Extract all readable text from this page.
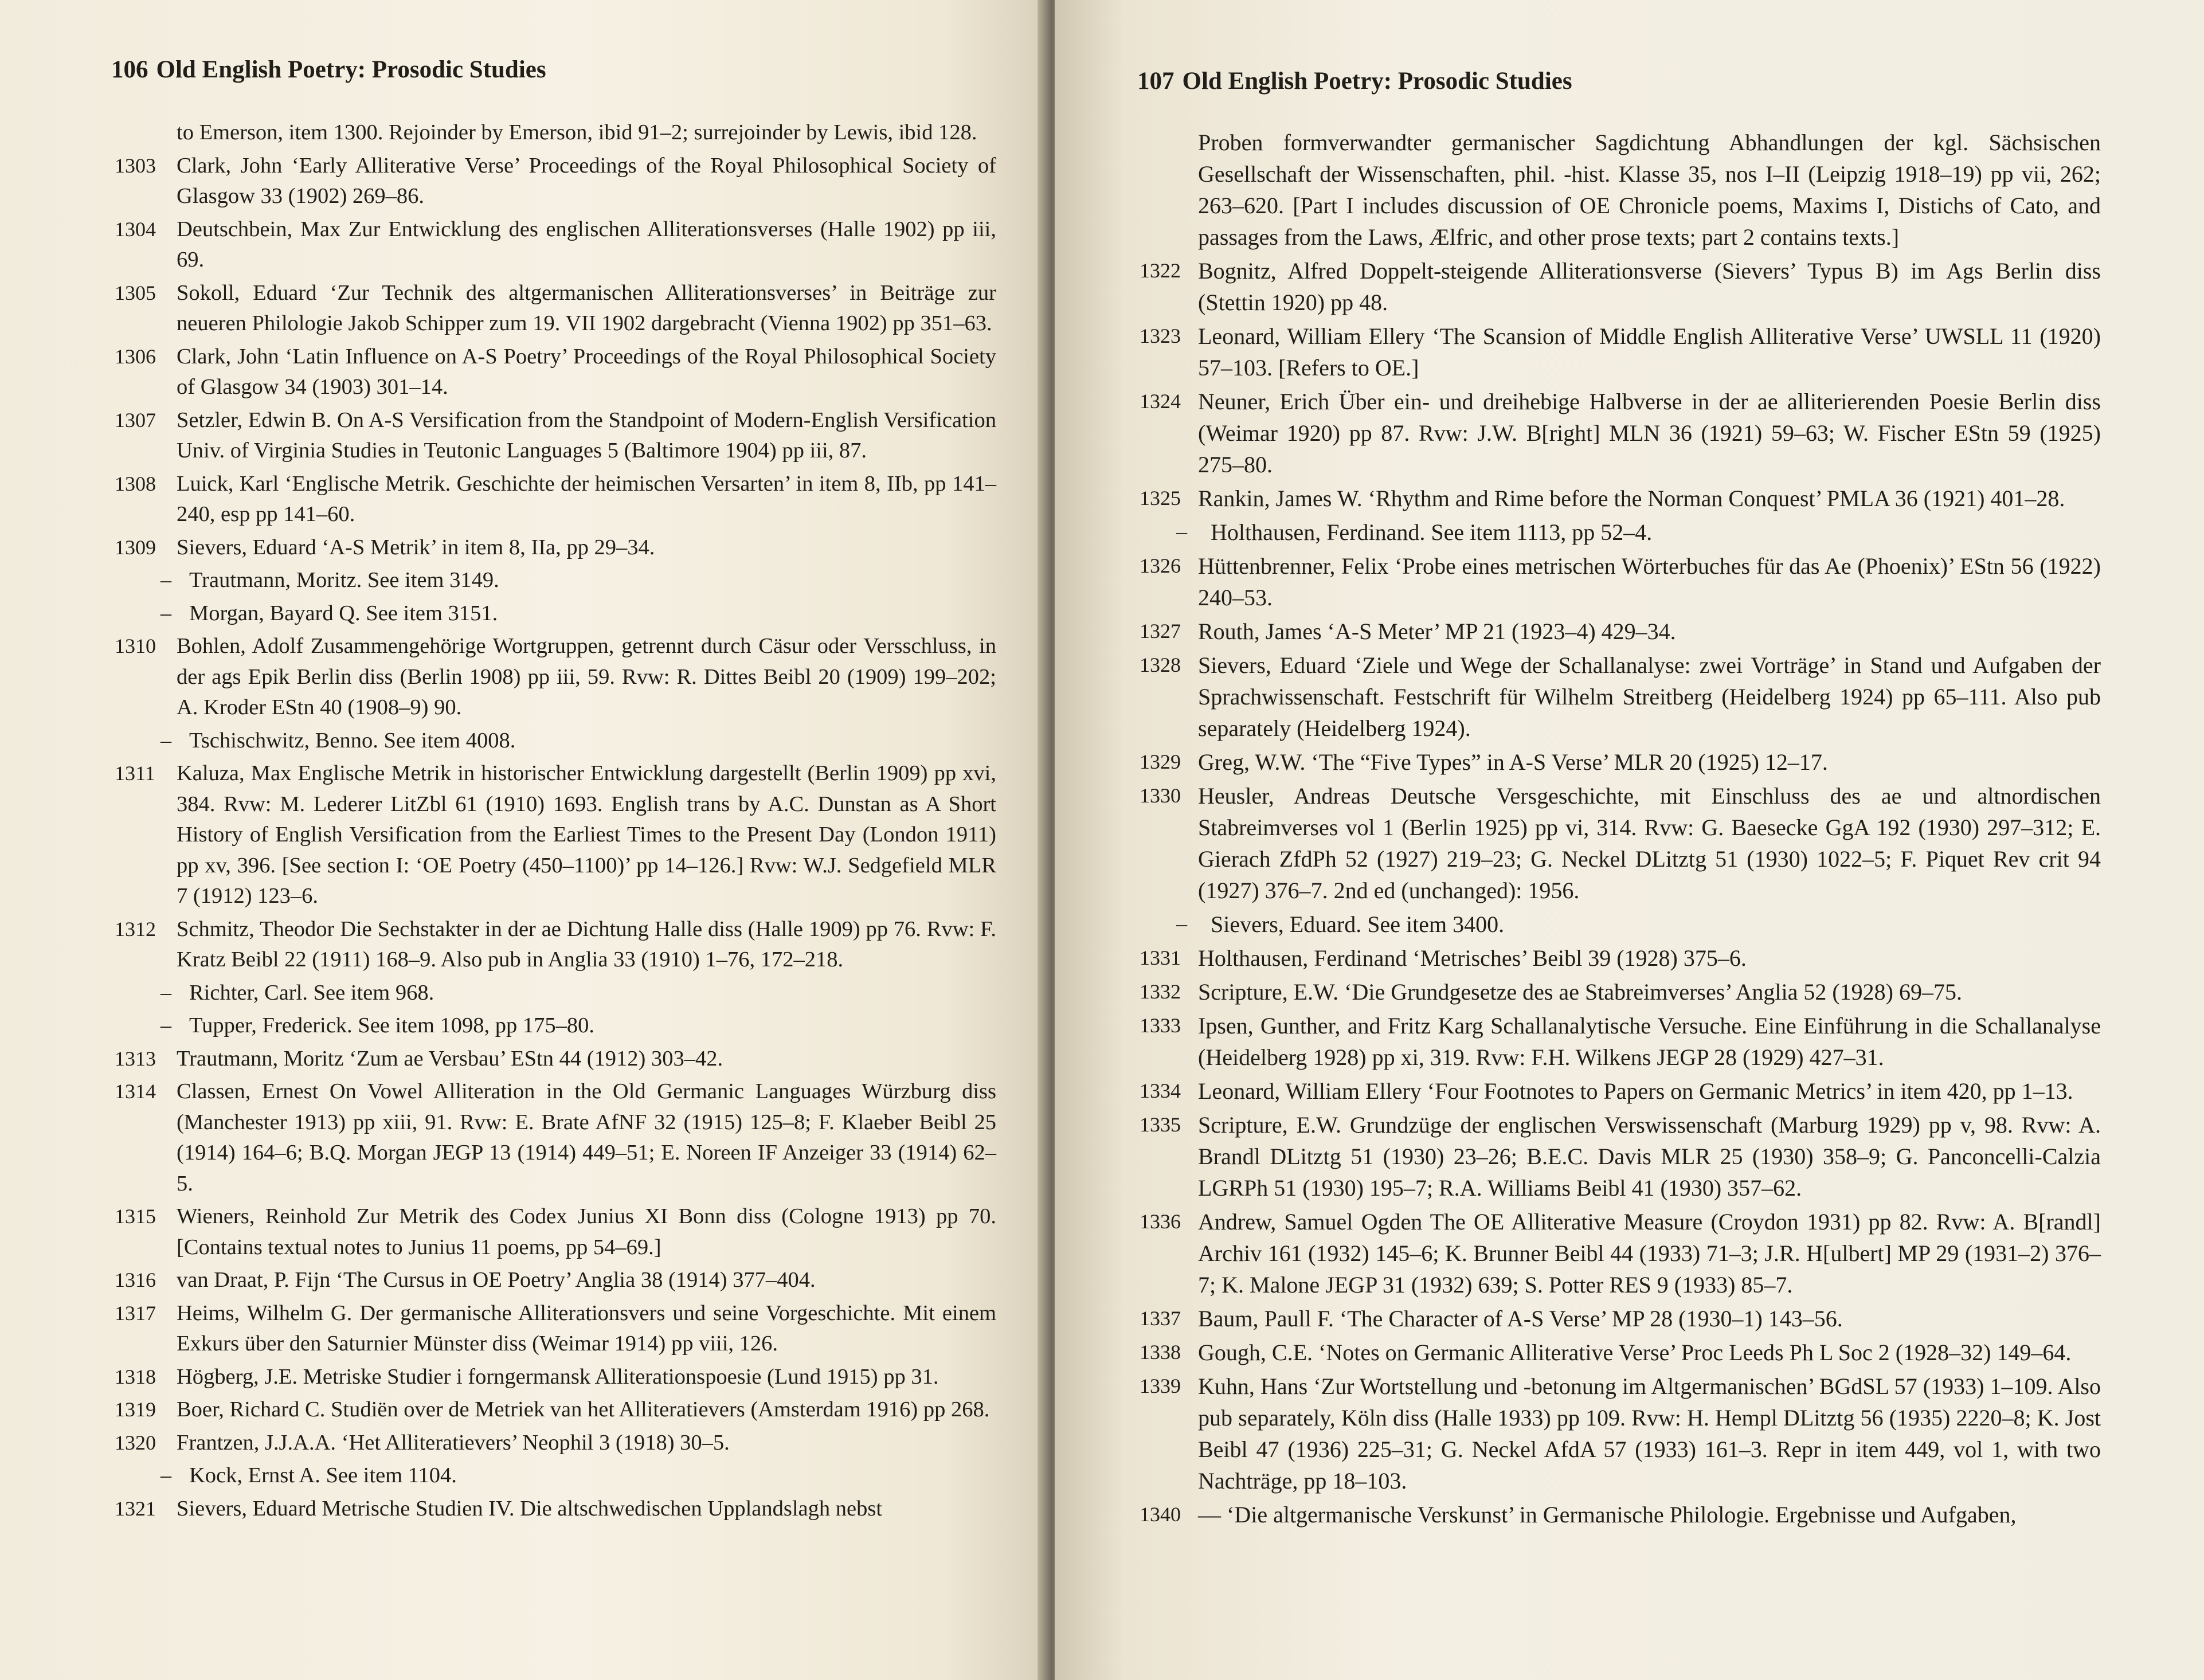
106 Old English Poetry: Prosodic Studies
to Emerson, item 1300. Rejoinder by Emerson, ibid 91–2; surrejoinder by Lewis, ibid 128.
1303 Clark, John ‘Early Alliterative Verse’ Proceedings of the Royal Philosophical Society of Glasgow 33 (1902) 269–86.
1304 Deutschbein, Max Zur Entwicklung des englischen Alliterationsverses (Halle 1902) pp iii, 69.
1305 Sokoll, Eduard ‘Zur Technik des altgermanischen Alliterationsverses’ in Beiträge zur neueren Philologie Jakob Schipper zum 19. VII 1902 dargebracht (Vienna 1902) pp 351–63.
1306 Clark, John ‘Latin Influence on A-S Poetry’ Proceedings of the Royal Philosophical Society of Glasgow 34 (1903) 301–14.
1307 Setzler, Edwin B. On A-S Versification from the Standpoint of Modern-English Versification Univ. of Virginia Studies in Teutonic Languages 5 (Baltimore 1904) pp iii, 87.
1308 Luick, Karl ‘Englische Metrik. Geschichte der heimischen Versarten’ in item 8, IIb, pp 141–240, esp pp 141–60.
1309 Sievers, Eduard ‘A-S Metrik’ in item 8, IIa, pp 29–34.
– Trautmann, Moritz. See item 3149.
– Morgan, Bayard Q. See item 3151.
1310 Bohlen, Adolf Zusammengehörige Wortgruppen, getrennt durch Cäsur oder Versschluss, in der ags Epik Berlin diss (Berlin 1908) pp iii, 59. Rvw: R. Dittes Beibl 20 (1909) 199–202; A. Kroder EStn 40 (1908–9) 90.
– Tschischwitz, Benno. See item 4008.
1311 Kaluza, Max Englische Metrik in historischer Entwicklung dargestellt (Berlin 1909) pp xvi, 384. Rvw: M. Lederer LitZbl 61 (1910) 1693. English trans by A.C. Dunstan as A Short History of English Versification from the Earliest Times to the Present Day (London 1911) pp xv, 396. [See section I: ‘OE Poetry (450–1100)’ pp 14–126.] Rvw: W.J. Sedgefield MLR 7 (1912) 123–6.
1312 Schmitz, Theodor Die Sechstakter in der ae Dichtung Halle diss (Halle 1909) pp 76. Rvw: F. Kratz Beibl 22 (1911) 168–9. Also pub in Anglia 33 (1910) 1–76, 172–218.
– Richter, Carl. See item 968.
– Tupper, Frederick. See item 1098, pp 175–80.
1313 Trautmann, Moritz ‘Zum ae Versbau’ EStn 44 (1912) 303–42.
1314 Classen, Ernest On Vowel Alliteration in the Old Germanic Languages Würzburg diss (Manchester 1913) pp xiii, 91. Rvw: E. Brate AfNF 32 (1915) 125–8; F. Klaeber Beibl 25 (1914) 164–6; B.Q. Morgan JEGP 13 (1914) 449–51; E. Noreen IF Anzeiger 33 (1914) 62–5.
1315 Wieners, Reinhold Zur Metrik des Codex Junius XI Bonn diss (Cologne 1913) pp 70. [Contains textual notes to Junius 11 poems, pp 54–69.]
1316 van Draat, P. Fijn ‘The Cursus in OE Poetry’ Anglia 38 (1914) 377–404.
1317 Heims, Wilhelm G. Der germanische Alliterationsvers und seine Vorgeschichte. Mit einem Exkurs über den Saturnier Münster diss (Weimar 1914) pp viii, 126.
1318 Högberg, J.E. Metriske Studier i forngermansk Alliterationspoesie (Lund 1915) pp 31.
1319 Boer, Richard C. Studiën over de Metriek van het Alliteratievers (Amsterdam 1916) pp 268.
1320 Frantzen, J.J.A.A. ‘Het Alliteratievers’ Neophil 3 (1918) 30–5.
– Kock, Ernst A. See item 1104.
1321 Sievers, Eduard Metrische Studien IV. Die altschwedischen Upplandslagh nebst
107 Old English Poetry: Prosodic Studies
Proben formverwandter germanischer Sagdichtung Abhandlungen der kgl. Sächsischen Gesellschaft der Wissenschaften, phil. -hist. Klasse 35, nos I–II (Leipzig 1918–19) pp vii, 262; 263–620. [Part I includes discussion of OE Chronicle poems, Maxims I, Distichs of Cato, and passages from the Laws, Ælfric, and other prose texts; part 2 contains texts.]
1322 Bognitz, Alfred Doppelt-steigende Alliterationsverse (Sievers’ Typus B) im Ags Berlin diss (Stettin 1920) pp 48.
1323 Leonard, William Ellery ‘The Scansion of Middle English Alliterative Verse’ UWSLL 11 (1920) 57–103. [Refers to OE.]
1324 Neuner, Erich Über ein- und dreihebige Halbverse in der ae alliterierenden Poesie Berlin diss (Weimar 1920) pp 87. Rvw: J.W. B[right] MLN 36 (1921) 59–63; W. Fischer EStn 59 (1925) 275–80.
1325 Rankin, James W. ‘Rhythm and Rime before the Norman Conquest’ PMLA 36 (1921) 401–28.
– Holthausen, Ferdinand. See item 1113, pp 52–4.
1326 Hüttenbrenner, Felix ‘Probe eines metrischen Wörterbuches für das Ae (Phoenix)’ EStn 56 (1922) 240–53.
1327 Routh, James ‘A-S Meter’ MP 21 (1923–4) 429–34.
1328 Sievers, Eduard ‘Ziele und Wege der Schallanalyse: zwei Vorträge’ in Stand und Aufgaben der Sprachwissenschaft. Festschrift für Wilhelm Streitberg (Heidelberg 1924) pp 65–111. Also pub separately (Heidelberg 1924).
1329 Greg, W.W. ‘The “Five Types” in A-S Verse’ MLR 20 (1925) 12–17.
1330 Heusler, Andreas Deutsche Versgeschichte, mit Einschluss des ae und altnordischen Stabreimverses vol 1 (Berlin 1925) pp vi, 314. Rvw: G. Baesecke GgA 192 (1930) 297–312; E. Gierach ZfdPh 52 (1927) 219–23; G. Neckel DLitztg 51 (1930) 1022–5; F. Piquet Rev crit 94 (1927) 376–7. 2nd ed (unchanged): 1956.
– Sievers, Eduard. See item 3400.
1331 Holthausen, Ferdinand ‘Metrisches’ Beibl 39 (1928) 375–6.
1332 Scripture, E.W. ‘Die Grundgesetze des ae Stabreimverses’ Anglia 52 (1928) 69–75.
1333 Ipsen, Gunther, and Fritz Karg Schallanalytische Versuche. Eine Einführung in die Schallanalyse (Heidelberg 1928) pp xi, 319. Rvw: F.H. Wilkens JEGP 28 (1929) 427–31.
1334 Leonard, William Ellery ‘Four Footnotes to Papers on Germanic Metrics’ in item 420, pp 1–13.
1335 Scripture, E.W. Grundzüge der englischen Verswissenschaft (Marburg 1929) pp v, 98. Rvw: A. Brandl DLitztg 51 (1930) 23–26; B.E.C. Davis MLR 25 (1930) 358–9; G. Panconcelli-Calzia LGRPh 51 (1930) 195–7; R.A. Williams Beibl 41 (1930) 357–62.
1336 Andrew, Samuel Ogden The OE Alliterative Measure (Croydon 1931) pp 82. Rvw: A. B[randl] Archiv 161 (1932) 145–6; K. Brunner Beibl 44 (1933) 71–3; J.R. H[ulbert] MP 29 (1931–2) 376–7; K. Malone JEGP 31 (1932) 639; S. Potter RES 9 (1933) 85–7.
1337 Baum, Paull F. ‘The Character of A-S Verse’ MP 28 (1930–1) 143–56.
1338 Gough, C.E. ‘Notes on Germanic Alliterative Verse’ Proc Leeds Ph L Soc 2 (1928–32) 149–64.
1339 Kuhn, Hans ‘Zur Wortstellung und -betonung im Altgermanischen’ BGdSL 57 (1933) 1–109. Also pub separately, Köln diss (Halle 1933) pp 109. Rvw: H. Hempl DLitztg 56 (1935) 2220–8; K. Jost Beibl 47 (1936) 225–31; G. Neckel AfdA 57 (1933) 161–3. Repr in item 449, vol 1, with two Nachträge, pp 18–103.
1340 — ‘Die altgermanische Verskunst’ in Germanische Philologie. Ergebnisse und Aufgaben,
